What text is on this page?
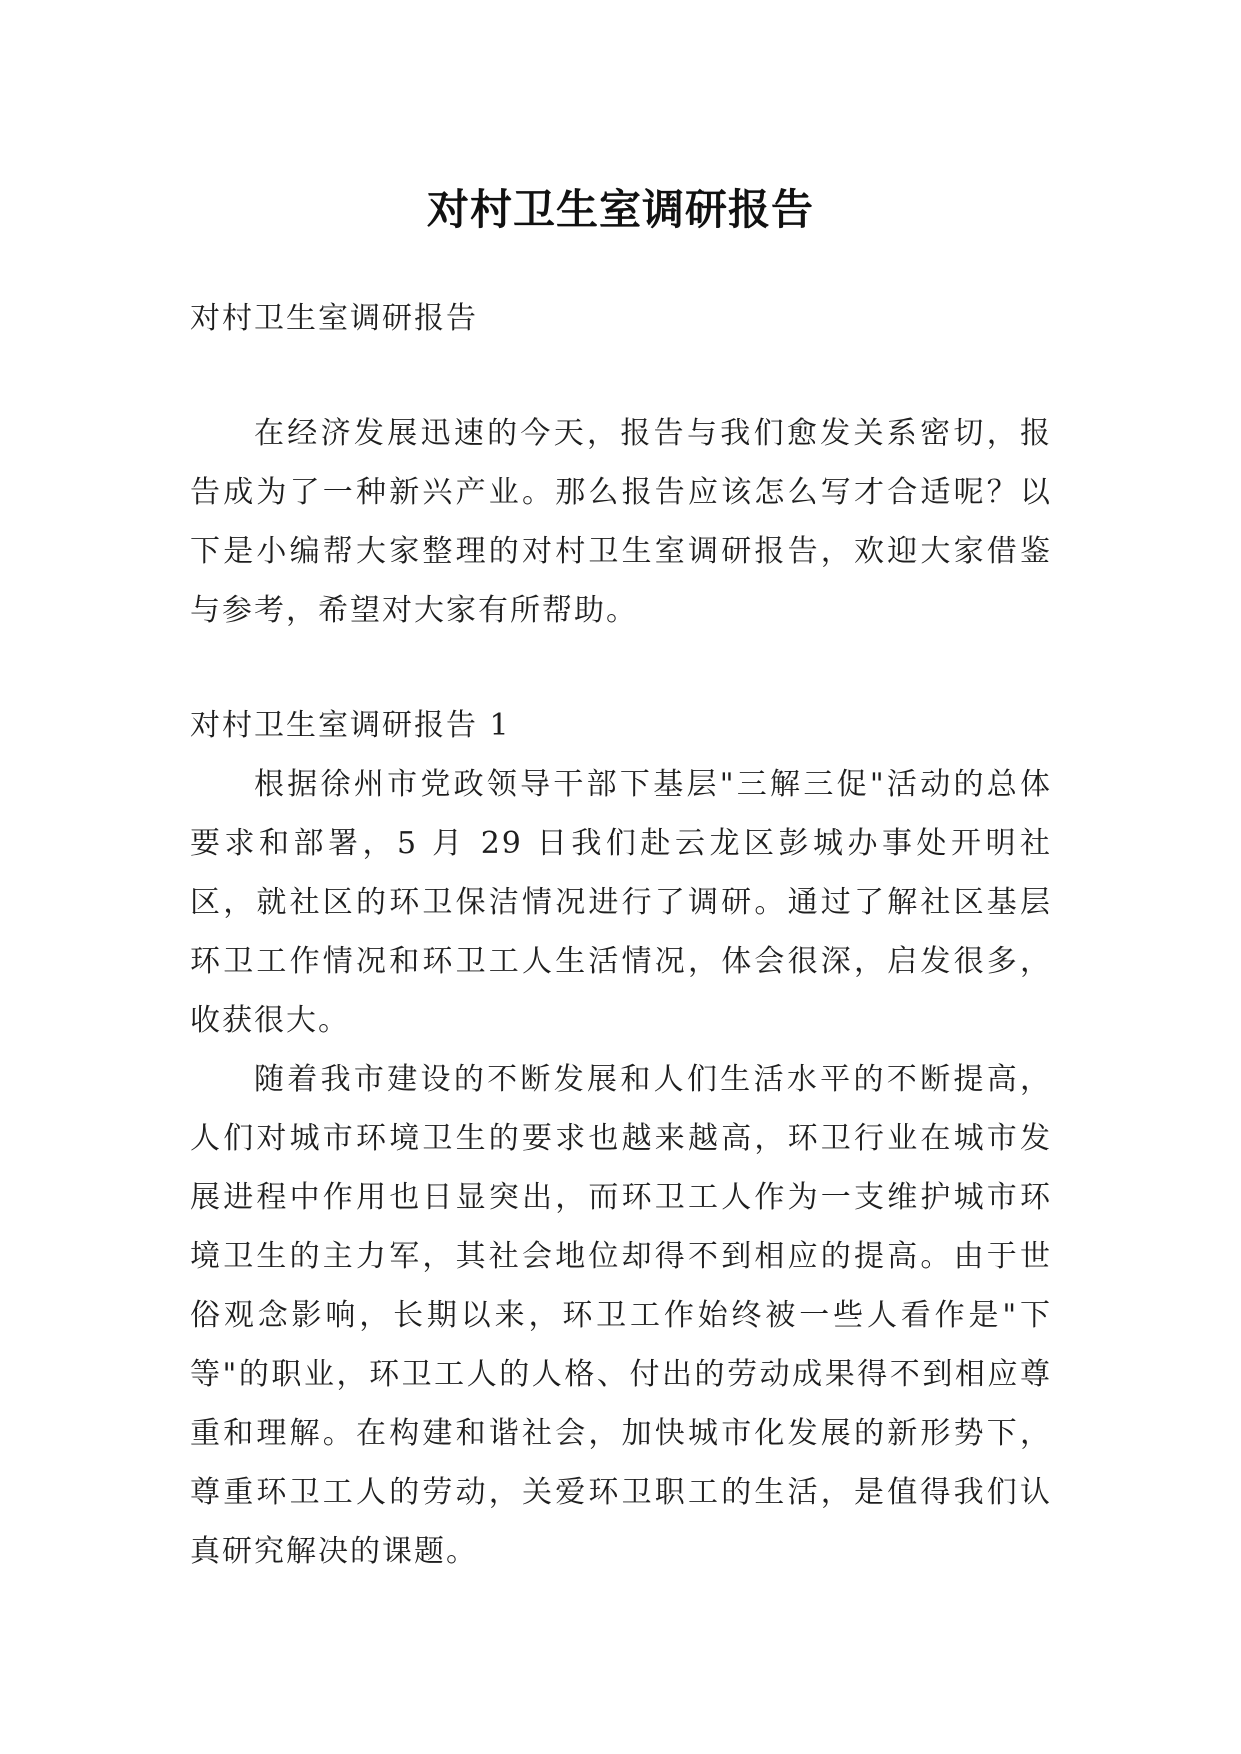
对村卫生室调研报告

对村卫生室调研报告

在经济发展迅速的今天，报告与我们愈发关系密切，报告成为了一种新兴产业。那么报告应该怎么写才合适呢？以下是小编帮大家整理的对村卫生室调研报告，欢迎大家借鉴与参考，希望对大家有所帮助。

对村卫生室调研报告 1

根据徐州市党政领导干部下基层"三解三促"活动的总体要求和部署，5 月 29 日我们赴云龙区彭城办事处开明社区，就社区的环卫保洁情况进行了调研。通过了解社区基层环卫工作情况和环卫工人生活情况，体会很深，启发很多，收获很大。

随着我市建设的不断发展和人们生活水平的不断提高，人们对城市环境卫生的要求也越来越高，环卫行业在城市发展进程中作用也日显突出，而环卫工人作为一支维护城市环境卫生的主力军，其社会地位却得不到相应的提高。由于世俗观念影响，长期以来，环卫工作始终被一些人看作是"下等"的职业，环卫工人的人格、付出的劳动成果得不到相应尊重和理解。在构建和谐社会，加快城市化发展的新形势下，尊重环卫工人的劳动，关爱环卫职工的生活，是值得我们认真研究解决的课题。
